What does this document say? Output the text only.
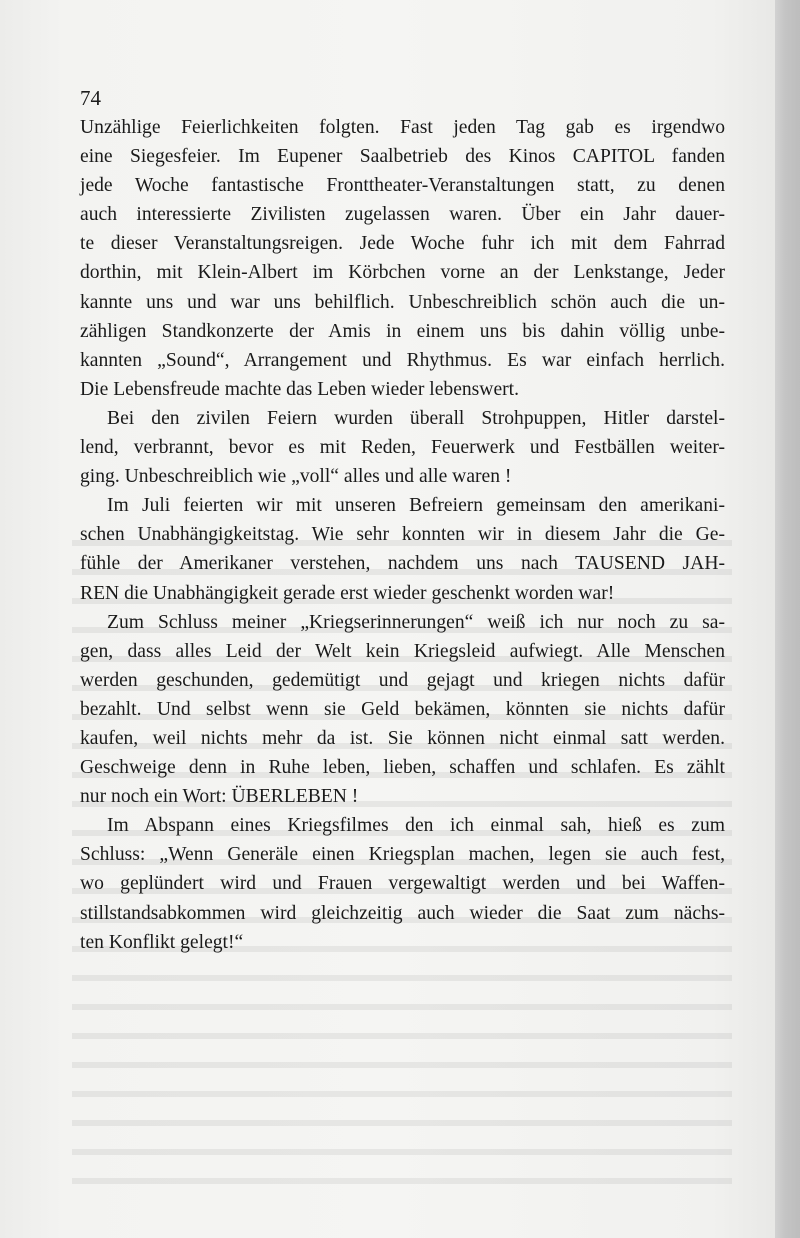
74
Unzählige Feierlichkeiten folgten. Fast jeden Tag gab es irgendwo
eine Siegesfeier. Im Eupener Saalbetrieb des Kinos CAPITOL fanden
jede Woche fantastische Fronttheater-Veranstaltungen statt, zu denen
auch interessierte Zivilisten zugelassen waren. Über ein Jahr dauer-
te dieser Veranstaltungsreigen. Jede Woche fuhr ich mit dem Fahrrad
dorthin, mit Klein-Albert im Körbchen vorne an der Lenkstange, Jeder
kannte uns und war uns behilflich. Unbeschreiblich schön auch die un-
zähligen Standkonzerte der Amis in einem uns bis dahin völlig unbe-
kannten „Sound“, Arrangement und Rhythmus. Es war einfach herrlich.
Die Lebensfreude machte das Leben wieder lebenswert.
Bei den zivilen Feiern wurden überall Strohpuppen, Hitler darstel-
lend, verbrannt, bevor es mit Reden, Feuerwerk und Festbällen weiter-
ging. Unbeschreiblich wie „voll“ alles und alle waren !
Im Juli feierten wir mit unseren Befreiern gemeinsam den amerikani-
schen Unabhängigkeitstag. Wie sehr konnten wir in diesem Jahr die Ge-
fühle der Amerikaner verstehen, nachdem uns nach TAUSEND JAH-
REN die Unabhängigkeit gerade erst wieder geschenkt worden war!
Zum Schluss meiner „Kriegserinnerungen“ weiß ich nur noch zu sa-
gen, dass alles Leid der Welt kein Kriegsleid aufwiegt. Alle Menschen
werden geschunden, gedemütigt und gejagt und kriegen nichts dafür
bezahlt. Und selbst wenn sie Geld bekämen, könnten sie nichts dafür
kaufen, weil nichts mehr da ist. Sie können nicht einmal satt werden.
Geschweige denn in Ruhe leben, lieben, schaffen und schlafen. Es zählt
nur noch ein Wort: ÜBERLEBEN !
Im Abspann eines Kriegsfilmes den ich einmal sah, hieß es zum
Schluss: „Wenn Generäle einen Kriegsplan machen, legen sie auch fest,
wo geplündert wird und Frauen vergewaltigt werden und bei Waffen-
stillstandsabkommen wird gleichzeitig auch wieder die Saat zum nächs-
ten Konflikt gelegt!“
